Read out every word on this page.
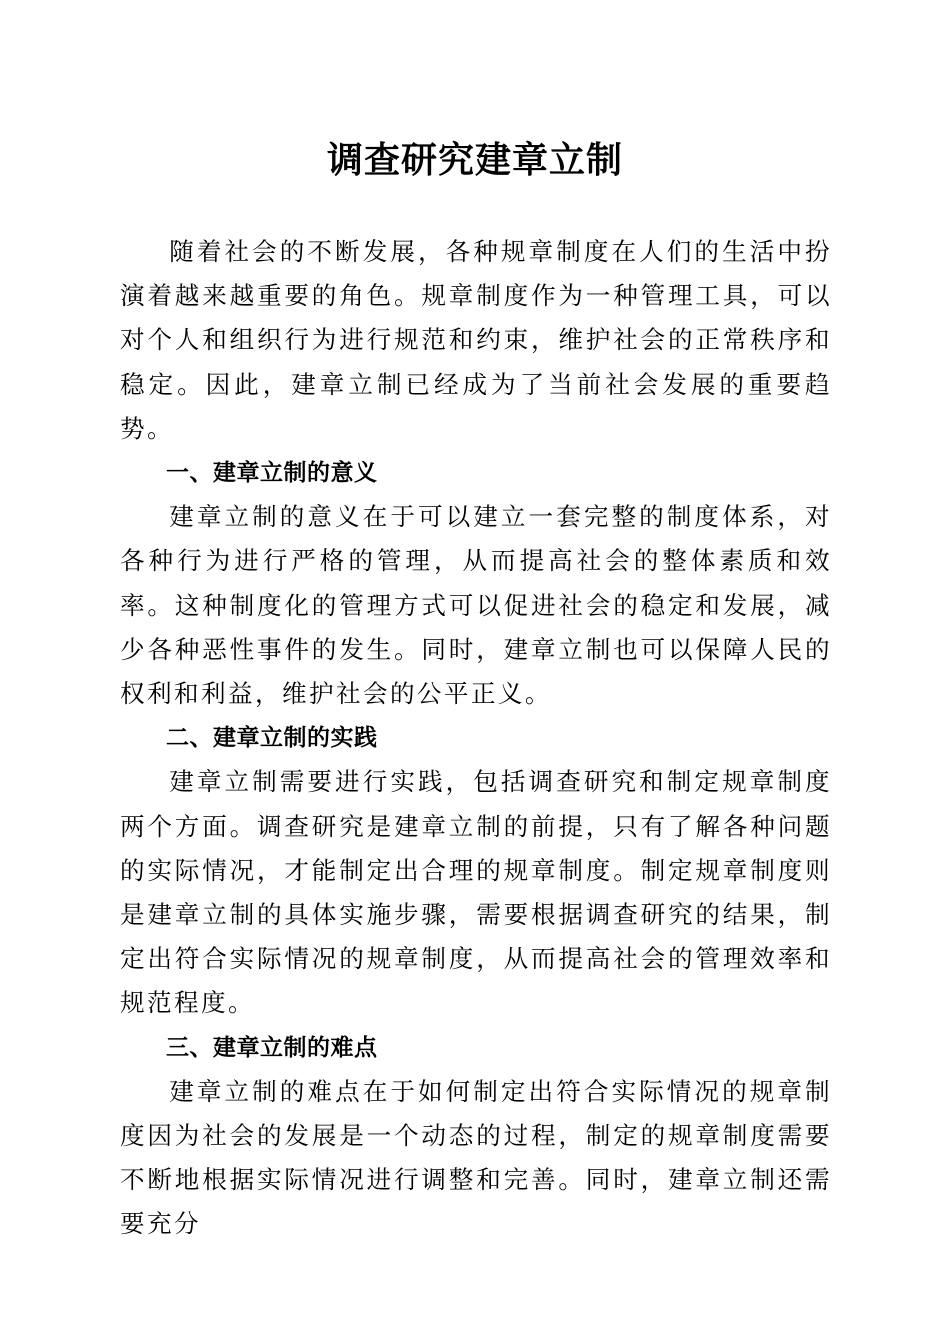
调查研究建章立制

随着社会的不断发展，各种规章制度在人们的生活中扮演着越来越重要的角色。规章制度作为一种管理工具，可以对个人和组织行为进行规范和约束，维护社会的正常秩序和稳定。因此，建章立制已经成为了当前社会发展的重要趋势。

一、建章立制的意义

建章立制的意义在于可以建立一套完整的制度体系，对各种行为进行严格的管理，从而提高社会的整体素质和效率。这种制度化的管理方式可以促进社会的稳定和发展，减少各种恶性事件的发生。同时，建章立制也可以保障人民的权利和利益，维护社会的公平正义。

二、建章立制的实践

建章立制需要进行实践，包括调查研究和制定规章制度两个方面。调查研究是建章立制的前提，只有了解各种问题的实际情况，才能制定出合理的规章制度。制定规章制度则是建章立制的具体实施步骤，需要根据调查研究的结果，制定出符合实际情况的规章制度，从而提高社会的管理效率和规范程度。

三、建章立制的难点

建章立制的难点在于如何制定出符合实际情况的规章制度因为社会的发展是一个动态的过程，制定的规章制度需要不断地根据实际情况进行调整和完善。同时，建章立制还需要充分
